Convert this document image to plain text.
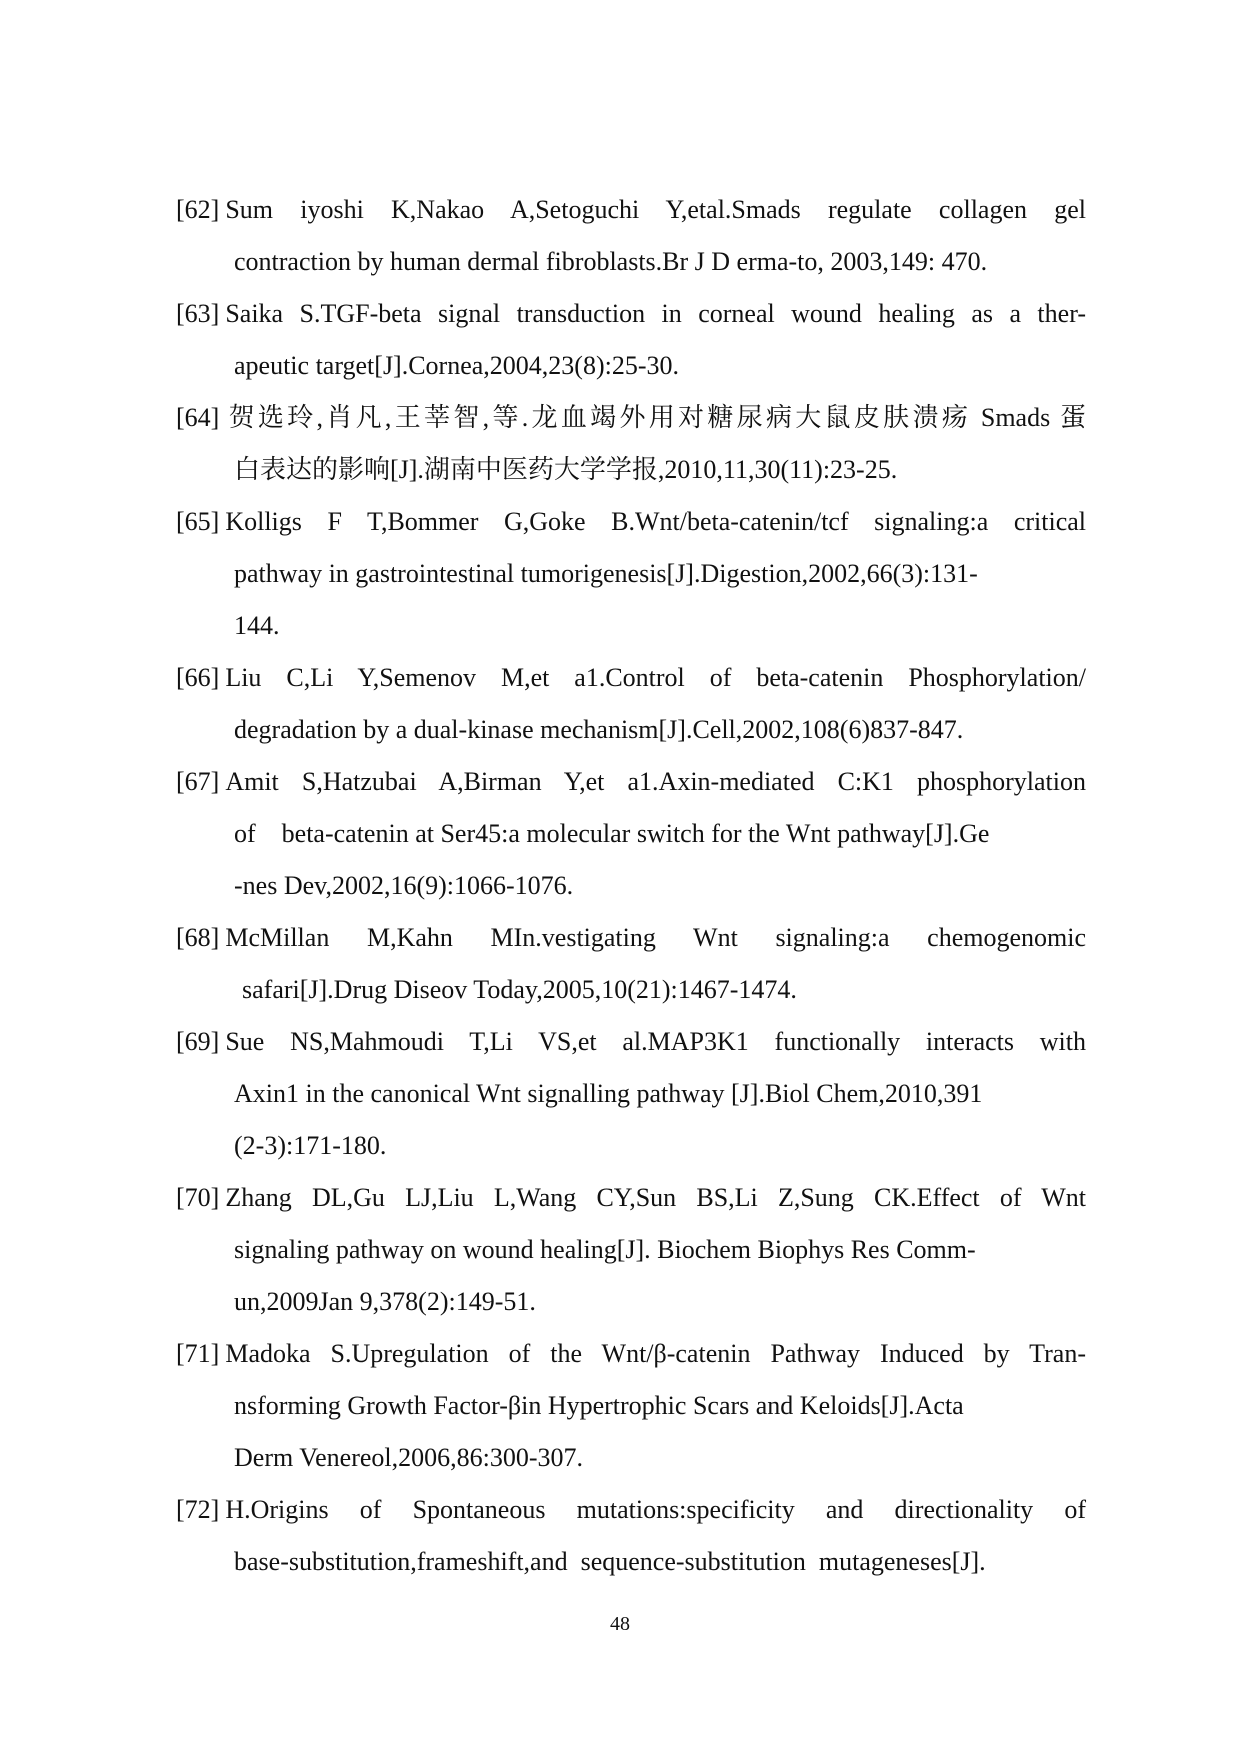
[62] Sum iyoshi K,Nakao A,Setoguchi Y,etal.Smads regulate collagen gel
contraction by human dermal fibroblasts.Br J D erma-to, 2003,149: 470.
[63] Saika S.TGF-beta signal transduction in corneal wound healing as a ther-
apeutic target[J].Cornea,2004,23(8):25-30.
[64] 贺选玲,肖凡,王莘智,等.龙血竭外用对糖尿病大鼠皮肤溃疡 Smads 蛋
白表达的影响[J].湖南中医药大学学报,2010,11,30(11):23-25.
[65] Kolligs F T,Bommer G,Goke B.Wnt/beta-catenin/tcf signaling:a critical
pathway in gastrointestinal tumorigenesis[J].Digestion,2002,66(3):131-
144.
[66] Liu C,Li Y,Semenov M,et a1.Control of beta-catenin Phosphorylation/
degradation by a dual-kinase mechanism[J].Cell,2002,108(6)837-847.
[67] Amit S,Hatzubai A,Birman Y,et a1.Axin-mediated C:K1 phosphorylation
of    beta-catenin at Ser45:a molecular switch for the Wnt pathway[J].Ge
-nes Dev,2002,16(9):1066-1076.
[68] McMillan M,Kahn MIn.vestigating Wnt signaling:a chemogenomic
safari[J].Drug Diseov Today,2005,10(21):1467-1474.
[69] Sue NS,Mahmoudi T,Li VS,et al.MAP3K1 functionally interacts with
Axin1 in the canonical Wnt signalling pathway [J].Biol Chem,2010,391
(2-3):171-180.
[70] Zhang DL,Gu LJ,Liu L,Wang CY,Sun BS,Li Z,Sung CK.Effect of Wnt
signaling pathway on wound healing[J]. Biochem Biophys Res Comm-
un,2009Jan 9,378(2):149-51.
[71] Madoka S.Upregulation of the Wnt/β-catenin Pathway Induced by Tran-
nsforming Growth Factor-βin Hypertrophic Scars and Keloids[J].Acta
Derm Venereol,2006,86:300-307.
[72] H.Origins of Spontaneous mutations:specificity and directionality of
base-substitution,frameshift,and  sequence-substitution  mutageneses[J].
48
